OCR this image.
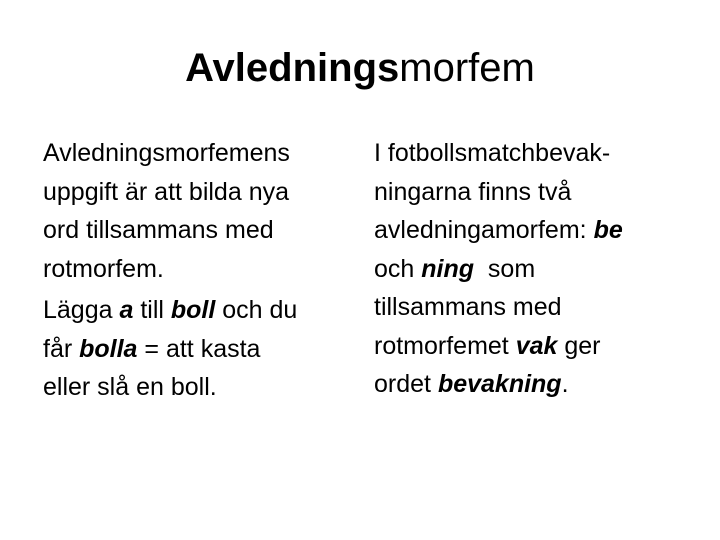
Avledningsmorfem
Avledningsmorfemens
uppgift är att bilda nya
ord tillsammans med
rotmorfem.
Lägga a till boll och du
får bolla = att kasta
eller slå en boll.
I fotbollsmatchbevak-
ningarna finns två
avledningamorfem: be
och ning  som
tillsammans med
rotmorfemet vak ger
ordet bevakning.
